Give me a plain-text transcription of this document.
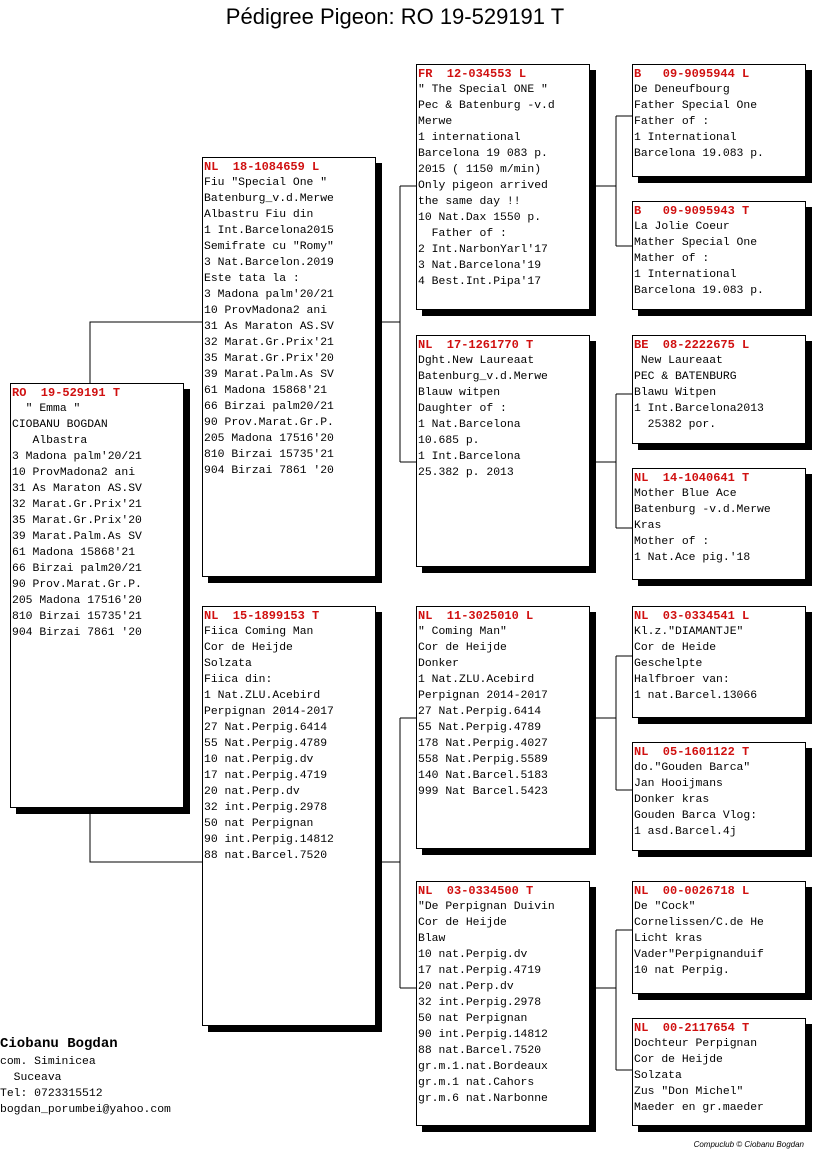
Pédigree Pigeon: RO 19-529191 T
RO  19-529191 T
" Emma "
CIOBANU BOGDAN
Albastra
3 Madona palm'20/21
10 ProvMadona2 ani
31 As Maraton AS.SV
32 Marat.Gr.Prix'21
35 Marat.Gr.Prix'20
39 Marat.Palm.As SV
61 Madona 15868'21
66 Birzai palm20/21
90 Prov.Marat.Gr.P.
205 Madona 17516'20
810 Birzai 15735'21
904 Birzai 7861 '20
NL  18-1084659 L
Fiu "Special One "
Batenburg_v.d.Merwe
Albastru Fiu din
1 Int.Barcelona2015
Semifrate cu "Romy"
3 Nat.Barcelon.2019
Este tata la :
3 Madona palm'20/21
10 ProvMadona2 ani
31 As Maraton AS.SV
32 Marat.Gr.Prix'21
35 Marat.Gr.Prix'20
39 Marat.Palm.As SV
61 Madona 15868'21
66 Birzai palm20/21
90 Prov.Marat.Gr.P.
205 Madona 17516'20
810 Birzai 15735'21
904 Birzai 7861 '20
NL  15-1899153 T
Fiica Coming Man
Cor de Heijde
Solzata
Fiica din:
1 Nat.ZLU.Acebird
Perpignan 2014-2017
27 Nat.Perpig.6414
55 Nat.Perpig.4789
10 nat.Perpig.dv
17 nat.Perpig.4719
20 nat.Perp.dv
32 int.Perpig.2978
50 nat Perpignan
90 int.Perpig.14812
88 nat.Barcel.7520
FR  12-034553 L
" The Special ONE "
Pec & Batenburg -v.d
Merwe
1 international
Barcelona 19 083 p.
2015 ( 1150 m/min)
Only pigeon arrived
the same day !!
10 Nat.Dax 1550 p.
Father of :
2 Int.NarbonYarl'17
3 Nat.Barcelona'19
4 Best.Int.Pipa'17
NL  17-1261770 T
Dght.New Laureaat
Batenburg_v.d.Merwe
Blauw witpen
Daughter of :
1 Nat.Barcelona
10.685 p.
1 Int.Barcelona
25.382 p. 2013
NL  11-3025010 L
" Coming Man"
Cor de Heijde
Donker
1 Nat.ZLU.Acebird
Perpignan 2014-2017
27 Nat.Perpig.6414
55 Nat.Perpig.4789
178 Nat.Perpig.4027
558 Nat.Perpig.5589
140 Nat.Barcel.5183
999 Nat Barcel.5423
NL  03-0334500 T
"De Perpignan Duivin
Cor de Heijde
Blaw
10 nat.Perpig.dv
17 nat.Perpig.4719
20 nat.Perp.dv
32 int.Perpig.2978
50 nat Perpignan
90 int.Perpig.14812
88 nat.Barcel.7520
gr.m.1.nat.Bordeaux
gr.m.1 nat.Cahors
gr.m.6 nat.Narbonne
B   09-9095944 L
De Deneufbourg
Father Special One
Father of :
1 International
Barcelona 19.083 p.
B   09-9095943 T
La Jolie Coeur
Mather Special One
Mather of :
1 International
Barcelona 19.083 p.
BE  08-2222675 L
New Laureaat
PEC & BATENBURG
Blawu Witpen
1 Int.Barcelona2013
25382 por.
NL  14-1040641 T
Mother Blue Ace
Batenburg -v.d.Merwe
Kras
Mother of :
1 Nat.Ace pig.'18
NL  03-0334541 L
Kl.z."DIAMANTJE"
Cor de Heide
Geschelpte
Halfbroer van:
1 nat.Barcel.13066
NL  05-1601122 T
do."Gouden Barca"
Jan Hooijmans
Donker kras
Gouden Barca Vlog:
1 asd.Barcel.4j
NL  00-0026718 L
De "Cock"
Cornelissen/C.de He
Licht kras
Vader"Perpignanduif
10 nat Perpig.
NL  00-2117654 T
Dochteur Perpignan
Cor de Heijde
Solzata
Zus "Don Michel"
Maeder en gr.maeder
Ciobanu Bogdan
com. Siminicea
Suceava
Tel: 0723315512
bogdan_porumbei@yahoo.com
Compuclub © Ciobanu Bogdan
